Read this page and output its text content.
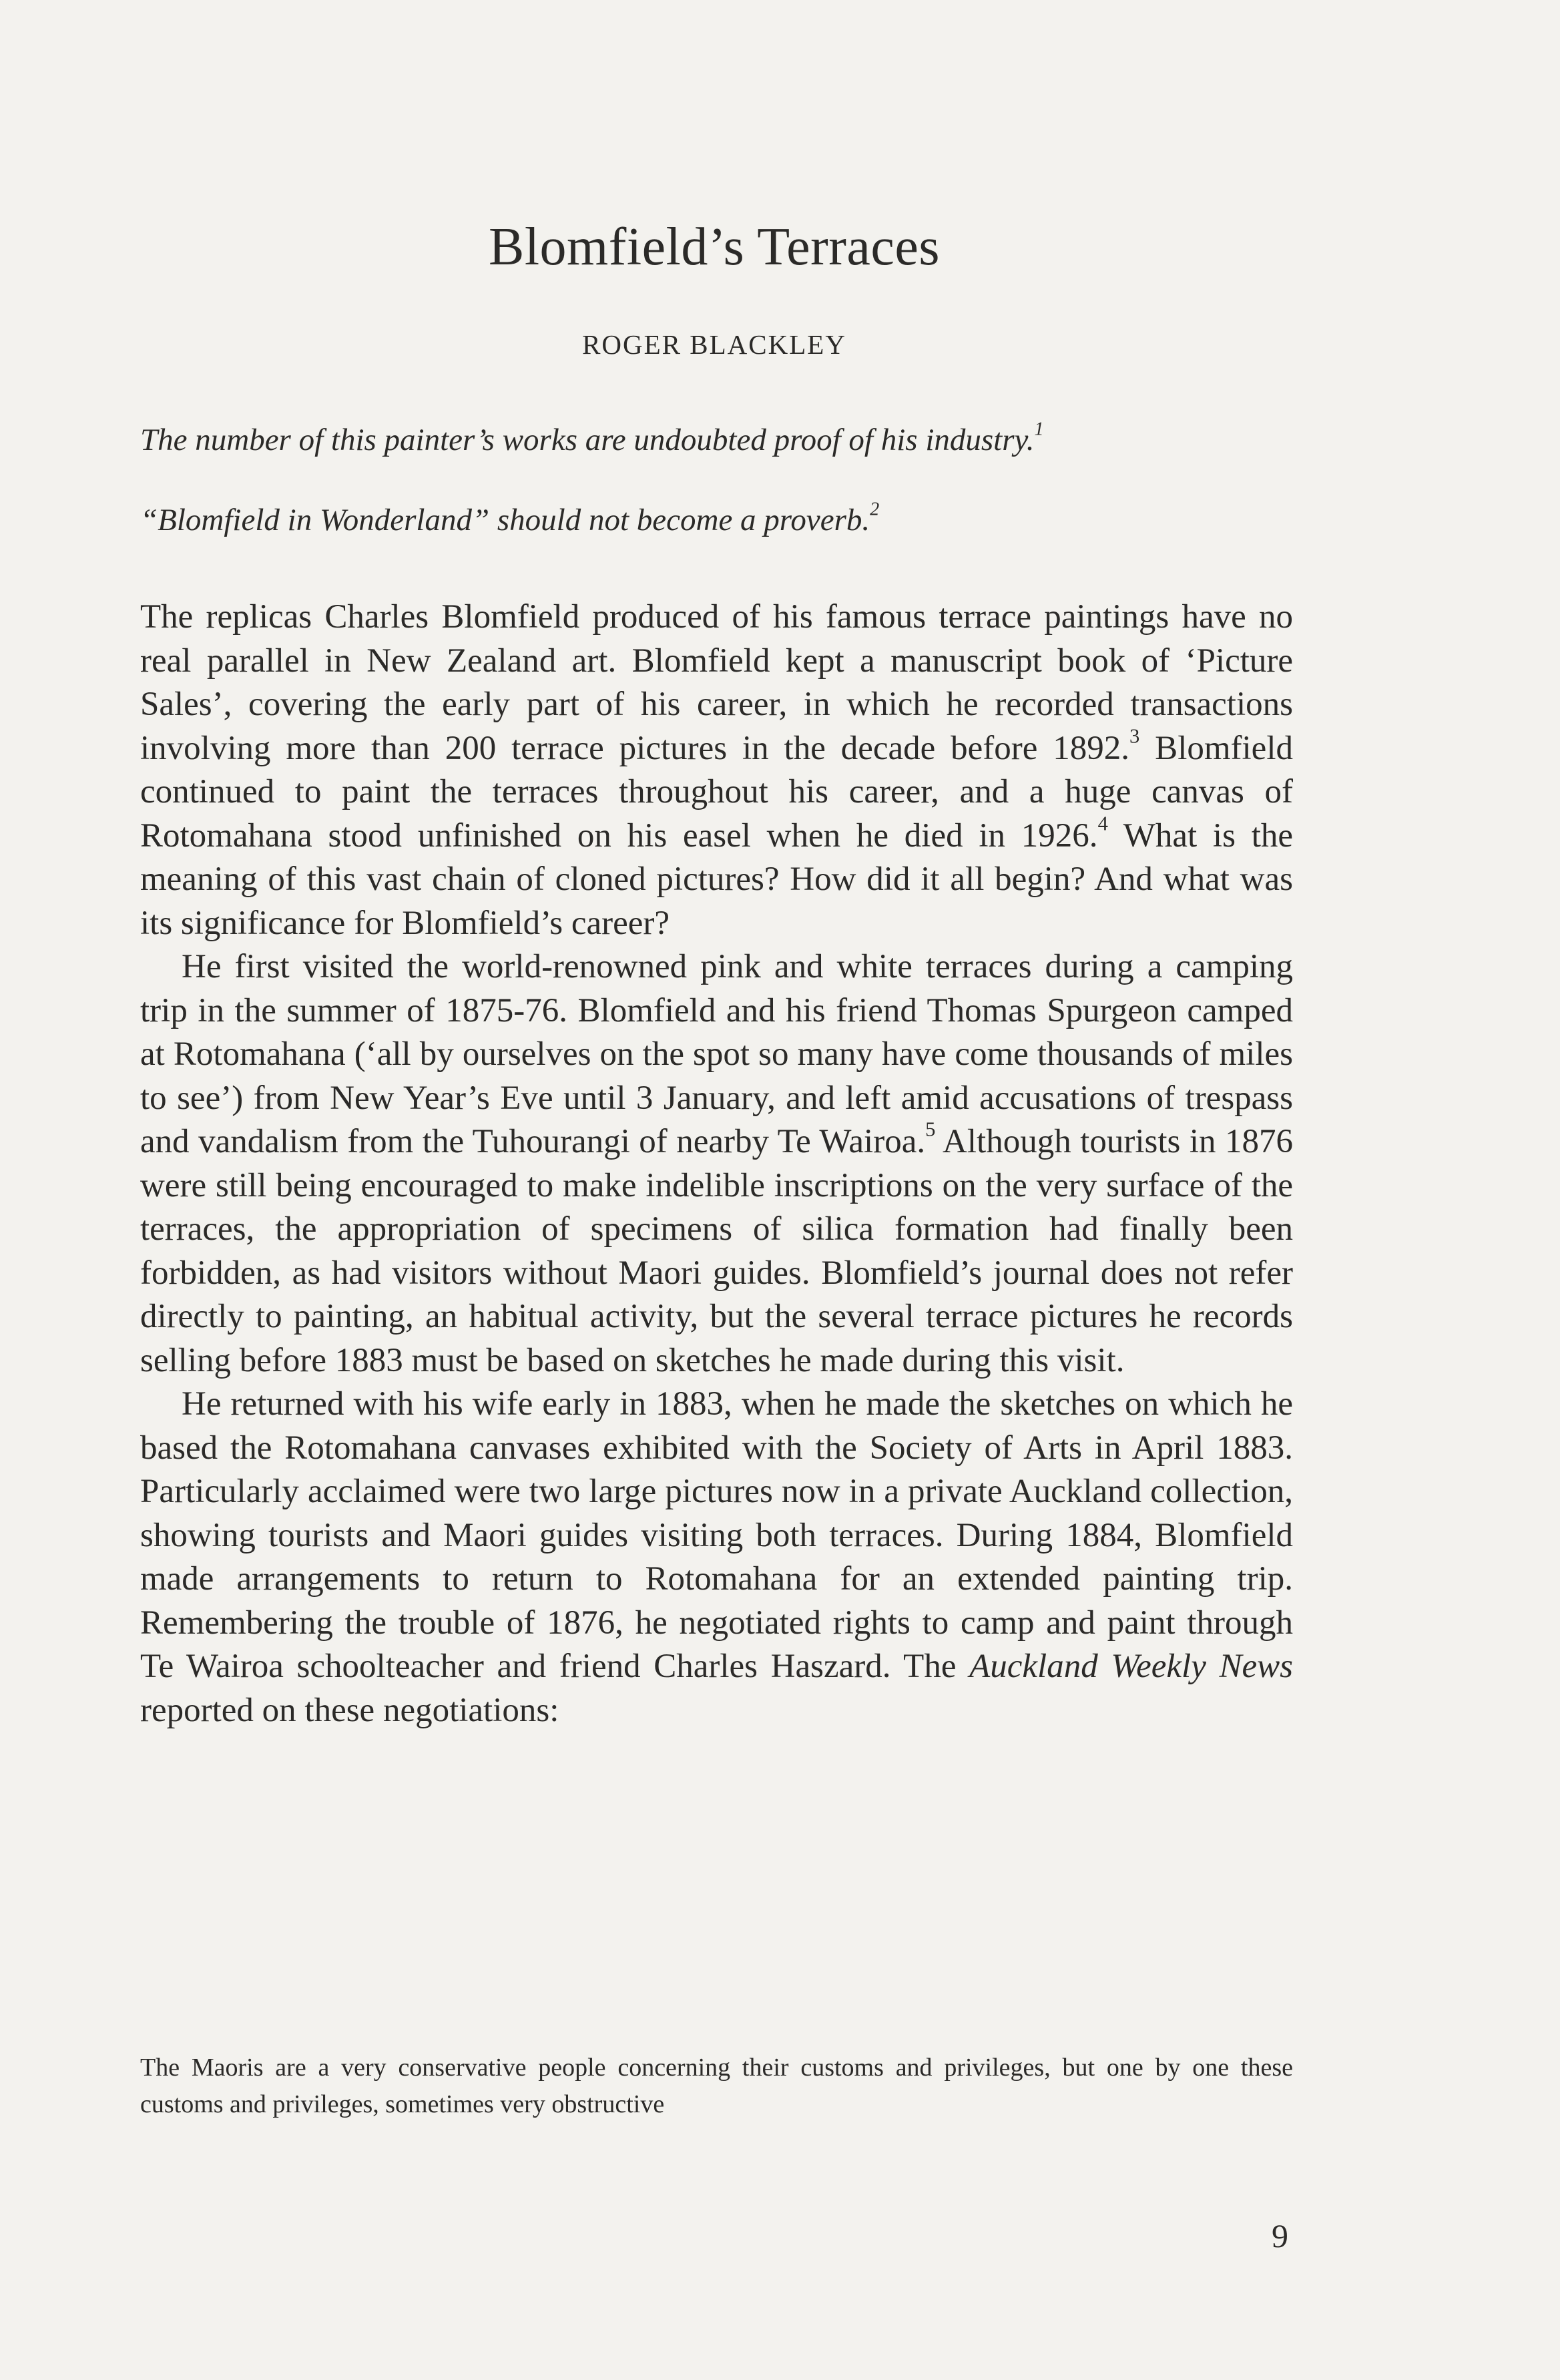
Blomfield’s Terraces
ROGER BLACKLEY
The number of this painter’s works are undoubted proof of his industry.$^1$
“Blomfield in Wonderland” should not become a proverb.$^2$

The replicas Charles Blomfield produced of his famous terrace paintings have no real parallel in New Zealand art. Blomfield kept a manuscript book of ‘Picture Sales’, covering the early part of his career, in which he recorded transactions involving more than 200 terrace pictures in the decade before 1892.$^3$ Blomfield continued to paint the terraces throughout his career, and a huge canvas of Rotomahana stood unfinished on his easel when he died in 1926.$^4$ What is the meaning of this vast chain of cloned pictures? How did it all begin? And what was its significance for Blomfield’s career?

He first visited the world-renowned pink and white terraces during a camping trip in the summer of 1875-76. Blomfield and his friend Thomas Spurgeon camped at Rotomahana (‘all by ourselves on the spot so many have come thousands of miles to see’) from New Year’s Eve until 3 January, and left amid accusations of trespass and vandalism from the Tuhourangi of nearby Te Wairoa.$^5$ Although tourists in 1876 were still being encouraged to make indelible inscriptions on the very surface of the terraces, the appropriation of specimens of silica formation had finally been forbidden, as had visitors without Maori guides. Blomfield’s journal does not refer directly to painting, an habitual activity, but the several terrace pictures he records selling before 1883 must be based on sketches he made during this visit.

He returned with his wife early in 1883, when he made the sketches on which he based the Rotomahana canvases exhibited with the Society of Arts in April 1883. Particularly acclaimed were two large pictures now in a private Auckland collection, showing tourists and Maori guides visiting both terraces. During 1884, Blomfield made arrangements to return to Rotomahana for an extended painting trip. Remembering the trouble of 1876, he negotiated rights to camp and paint through Te Wairoa schoolteacher and friend Charles Haszard. The Auckland Weekly News reported on these negotiations:

The Maoris are a very conservative people concerning their customs and privileges, but one by one these customs and privileges, sometimes very obstructive
9
